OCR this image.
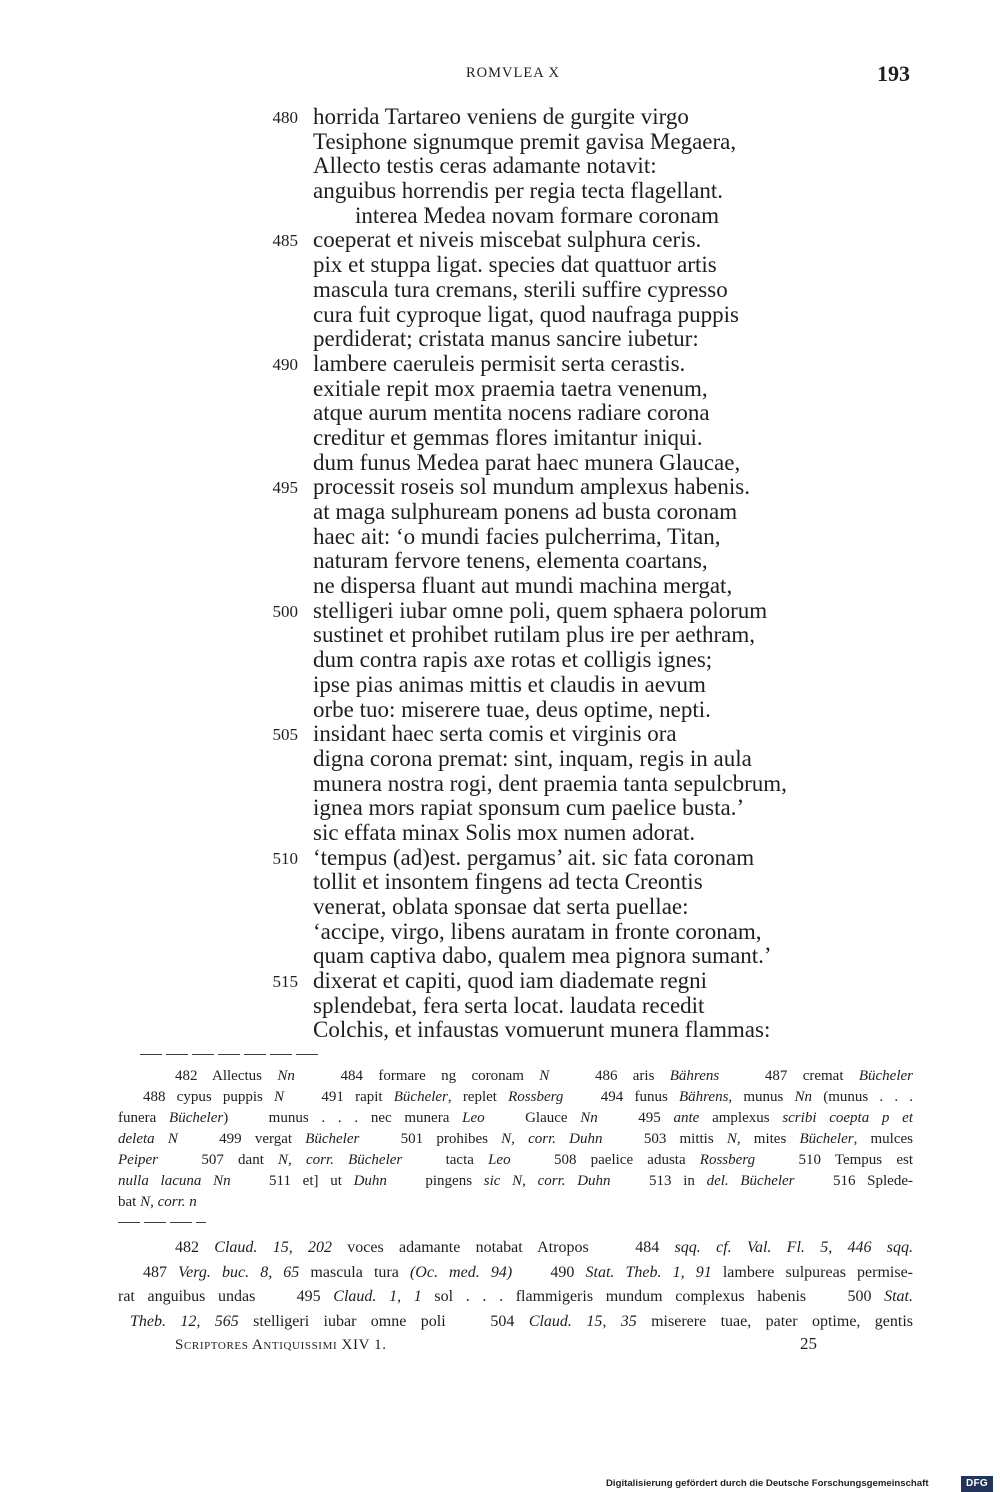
ROMVLEA X	193
480 horrida Tartareo veniens de gurgite virgo
Tesiphone signumque premit gavisa Megaera,
Allecto testis ceras adamante notavit:
anguibus horrendis per regia tecta flagellant.
interea Medea novam formare coronam
485 coeperat et niveis miscebat sulphura ceris.
pix et stuppa ligat. species dat quattuor artis
mascula tura cremans, sterili suffire cypresso
cura fuit cyproque ligat, quod naufraga puppis
perdiderat; cristata manus sancire iubetur:
490 lambere caeruleis permisit serta cerastis.
exitiale repit mox praemia taetra venenum,
atque aurum mentita nocens radiare corona
creditur et gemmas flores imitantur iniqui.
dum funus Medea parat haec munera Glaucae,
495 processit roseis sol mundum amplexus habenis.
at maga sulphuream ponens ad busta coronam
haec ait: ‘o mundi facies pulcherrima, Titan,
naturam fervore tenens, elementa coartans,
ne dispersa fluant aut mundi machina mergat,
500 stelligeri iubar omne poli, quem sphaera polorum
sustinet et prohibet rutilam plus ire per aethram,
dum contra rapis axe rotas et colligis ignes;
ipse pias animas mittis et claudis in aevum
orbe tuo: miserere tuae, deus optime, nepti.
505 insidant haec serta comis et virginis ora
digna corona premat: sint, inquam, regis in aula
munera nostra rogi, dent praemia tanta sepulcbrum,
ignea mors rapiat sponsum cum paelice busta.’
sic effata minax Solis mox numen adorat.
510 ‘tempus (ad)est. pergamus’ ait. sic fata coronam
tollit et insontem fingens ad tecta Creontis
venerat, oblata sponsae dat serta puellae:
‘accipe, virgo, libens auratam in fronte coronam,
quam captiva dabo, qualem mea pignora sumant.’
515 dixerat et capiti, quod iam diademate regni
splendebat, fera serta locat. laudata recedit
Colchis, et infaustas vomuerunt munera flammas:
482 Allectus Nn   484 formare ng coronam N   486 aris Bährens   487 cremat Bücheler
488 cypus puppis N   491 rapit Bücheler, replet Rossberg   494 funus Bährens, munus Nn (munus . . .
funera Bücheler)   munus . . . nec munera Leo   Glauce Nn   495 ante amplexus scribi coepta p et
deleta N   499 vergat Bücheler   501 prohibes N, corr. Duhn   503 mittis N, mites Bücheler, mulces
Peiper   507 dant N, corr. Bücheler   tacta Leo   508 paelice adusta Rossberg   510 Tempus est
nulla lacuna Nn   511 et] ut Duhn   pingens sic N, corr. Duhn   513 in del. Bücheler   516 Splede-
bat N, corr. n
482 Claud. 15, 202 voces adamante notabat Atropos   484 sqq. cf. Val. Fl. 5, 446 sqq.
487 Verg. buc. 8, 65 mascula tura (Oc. med. 94)   490 Stat. Theb. 1, 91 lambere sulpureas permise-
rat anguibus undas   495 Claud. 1, 1 sol . . . flammigeris mundum complexus habenis   500 Stat.
Theb. 12, 565 stelligeri iubar omne poli   504 Claud. 15, 35 miserere tuae, pater optime, gentis
Scriptores Antiquissimi XIV 1.	25
Digitalisierung gefördert durch die Deutsche Forschungsgemeinschaft	DFG
